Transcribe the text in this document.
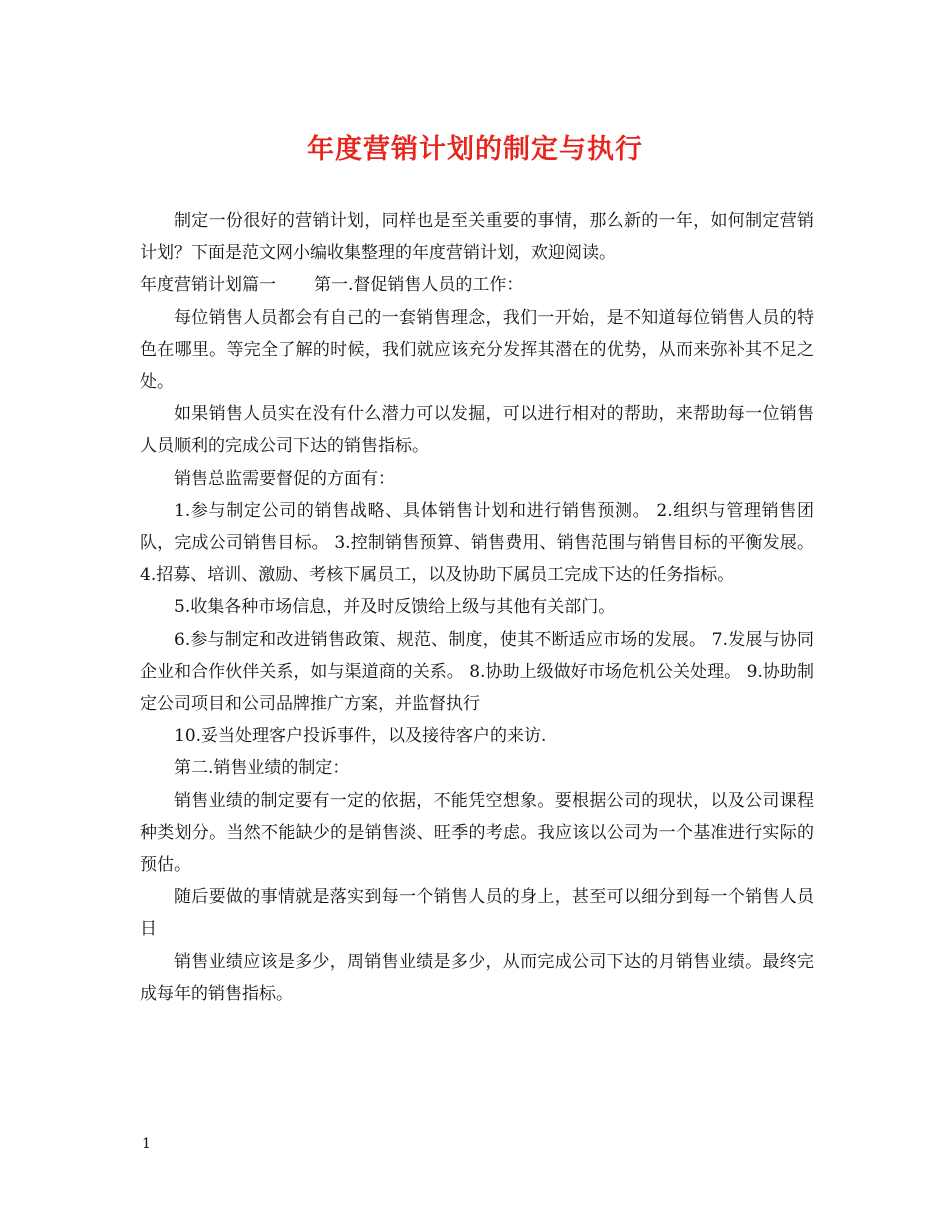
年度营销计划的制定与执行

制定一份很好的营销计划，同样也是至关重要的事情，那么新的一年，如何制定营销计划？下面是范文网小编收集整理的年度营销计划，欢迎阅读。

年度营销计划篇一 第一.督促销售人员的工作：

每位销售人员都会有自己的一套销售理念，我们一开始，是不知道每位销售人员的特色在哪里。等完全了解的时候，我们就应该充分发挥其潜在的优势，从而来弥补其不足之处。

如果销售人员实在没有什么潜力可以发掘，可以进行相对的帮助，来帮助每一位销售人员顺利的完成公司下达的销售指标。

销售总监需要督促的方面有：

1.参与制定公司的销售战略、具体销售计划和进行销售预测。 2.组织与管理销售团队，完成公司销售目标。 3.控制销售预算、销售费用、销售范围与销售目标的平衡发展。 4.招募、培训、激励、考核下属员工，以及协助下属员工完成下达的任务指标。

5.收集各种市场信息，并及时反馈给上级与其他有关部门。

6.参与制定和改进销售政策、规范、制度，使其不断适应市场的发展。 7.发展与协同企业和合作伙伴关系，如与渠道商的关系。 8.协助上级做好市场危机公关处理。 9.协助制定公司项目和公司品牌推广方案，并监督执行

10.妥当处理客户投诉事件，以及接待客户的来访.

第二.销售业绩的制定：

销售业绩的制定要有一定的依据，不能凭空想象。要根据公司的现状，以及公司课程种类划分。当然不能缺少的是销售淡、旺季的考虑。我应该以公司为一个基准进行实际的预估。

随后要做的事情就是落实到每一个销售人员的身上，甚至可以细分到每一个销售人员日

销售业绩应该是多少，周销售业绩是多少，从而完成公司下达的月销售业绩。最终完成每年的销售指标。

1
